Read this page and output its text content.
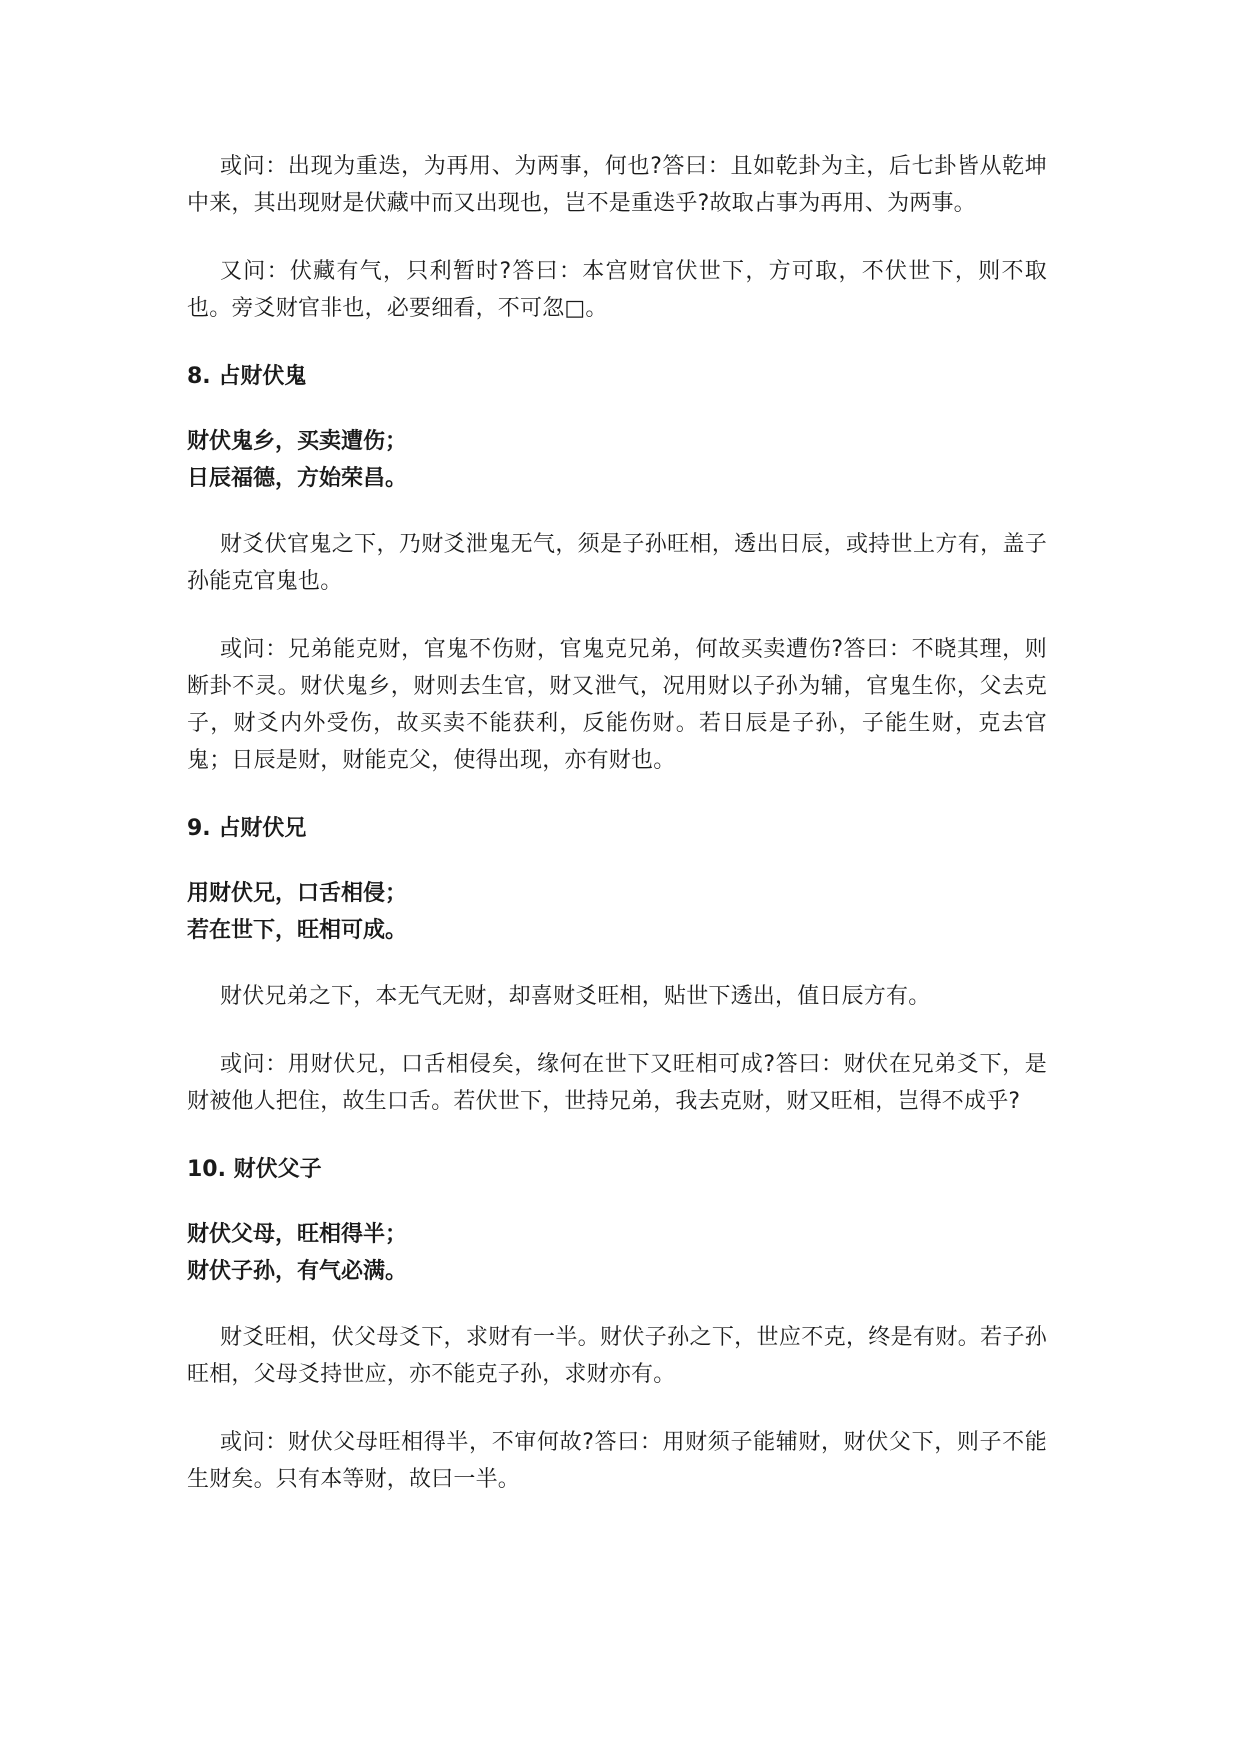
或问：出现为重迭，为再用、为两事，何也?答曰：且如乾卦为主，后七卦皆从乾坤中来，其出现财是伏藏中而又出现也，岂不是重迭乎?故取占事为再用、为两事。

又问：伏藏有气，只利暂时?答曰：本宫财官伏世下，方可取，不伏世下，则不取也。旁爻财官非也，必要细看，不可忽□。

8. 占财伏鬼
财伏鬼乡，买卖遭伤；
日辰福德，方始荣昌。

财爻伏官鬼之下，乃财爻泄鬼无气，须是子孙旺相，透出日辰，或持世上方有，盖子孙能克官鬼也。

或问：兄弟能克财，官鬼不伤财，官鬼克兄弟，何故买卖遭伤?答曰：不晓其理，则断卦不灵。财伏鬼乡，财则去生官，财又泄气，况用财以子孙为辅，官鬼生你，父去克子，财爻内外受伤，故买卖不能获利，反能伤财。若日辰是子孙，子能生财，克去官鬼；日辰是财，财能克父，使得出现，亦有财也。

9. 占财伏兄
用财伏兄，口舌相侵；
若在世下，旺相可成。

财伏兄弟之下，本无气无财，却喜财爻旺相，贴世下透出，值日辰方有。

或问：用财伏兄，口舌相侵矣，缘何在世下又旺相可成?答曰：财伏在兄弟爻下，是财被他人把住，故生口舌。若伏世下，世持兄弟，我去克财，财又旺相，岂得不成乎?

10. 财伏父子
财伏父母，旺相得半；
财伏子孙，有气必满。

财爻旺相，伏父母爻下，求财有一半。财伏子孙之下，世应不克，终是有财。若子孙旺相，父母爻持世应，亦不能克子孙，求财亦有。

或问：财伏父母旺相得半，不审何故?答曰：用财须子能辅财，财伏父下，则子不能生财矣。只有本等财，故曰一半。
